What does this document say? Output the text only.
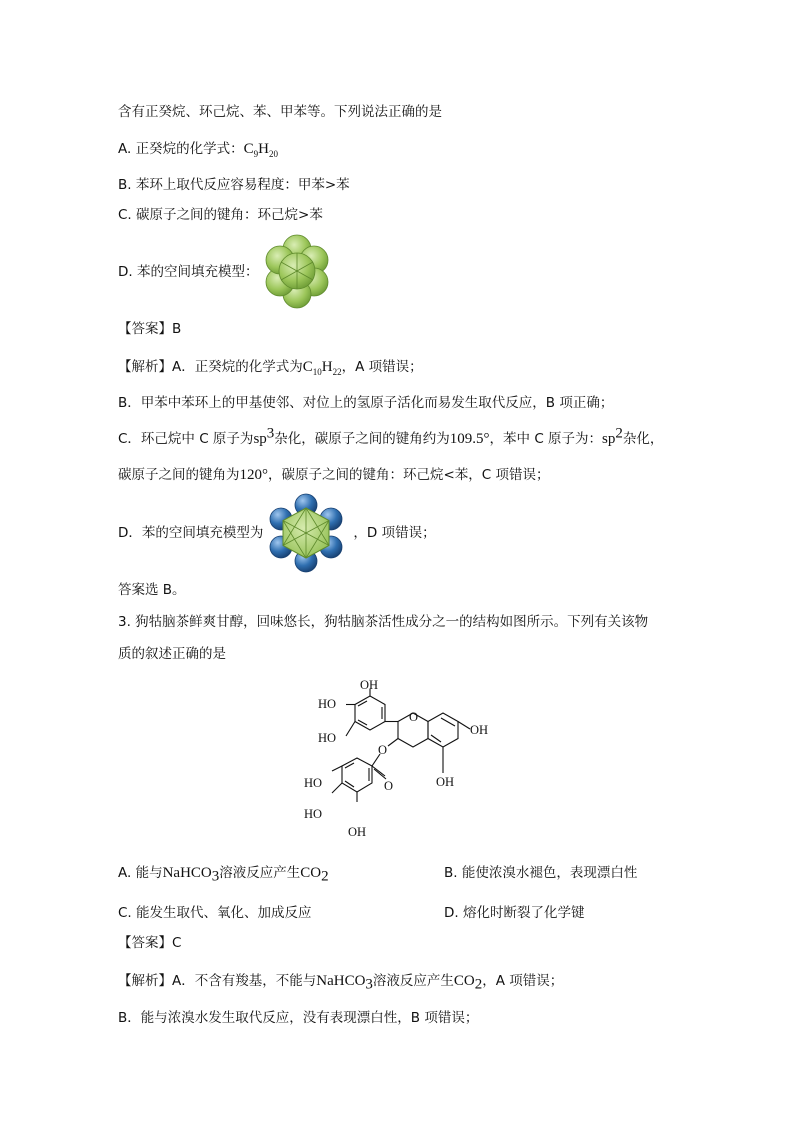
含有正癸烷、环己烷、苯、甲苯等。下列说法正确的是
A. 正癸烷的化学式：$C_9H_{20}$
B. 苯环上取代反应容易程度：甲苯>苯
C. 碳原子之间的键角：环己烷>苯
D. 苯的空间填充模型：
【答案】B
【解析】A．正癸烷的化学式为$C_{10}H_{22}$，A 项错误；
B．甲苯中苯环上的甲基使邻、对位上的氢原子活化而易发生取代反应，B 项正确；
C．环己烷中 C 原子为$sp^3$杂化，碳原子之间的键角约为109.5°，苯中 C 原子为：$sp^2$杂化，
碳原子之间的键角为120°，碳原子之间的键角：环己烷<苯，C 项错误；
D．苯的空间填充模型为	，D 项错误；
答案选 B。
3. 狗牯脑茶鲜爽甘醇，回味悠长，狗牯脑茶活性成分之一的结构如图所示。下列有关该物
质的叙述正确的是
OH
HO
HO
O
OH
O
O	OH
HO
HO
OH
A. 能与NaHCO$_3$溶液反应产生$CO_2$	B. 能使浓溴水褪色，表现漂白性
C. 能发生取代、氧化、加成反应	D. 熔化时断裂了化学键
【答案】C
【解析】A．不含有羧基，不能与NaHCO$_3$溶液反应产生$CO_2$，A 项错误；
B．能与浓溴水发生取代反应，没有表现漂白性，B 项错误；
